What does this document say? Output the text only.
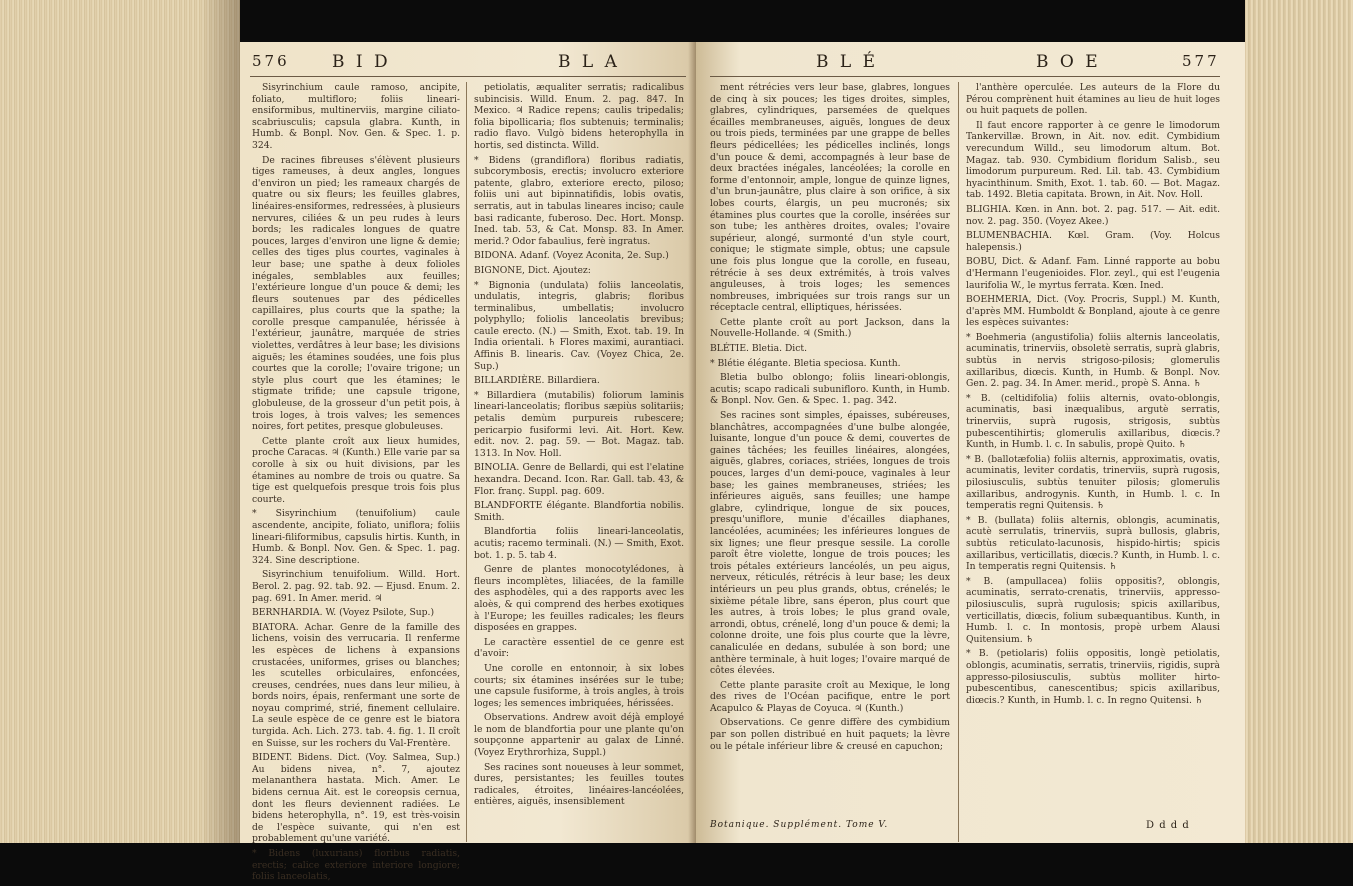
576 B I D	B L A

Sisyrinchium caule ramoso, ancipite, foliato, multifloro; foliis lineari-ensiformibus, multinerviis, margine ciliato-scabriusculis; capsula glabra. Kunth, in Humb. & Bonpl. Nov. Gen. & Spec. 1. p. 324.

De racines fibreuses s'élèvent plusieurs tiges rameuses, à deux angles, longues d'environ un pied; les rameaux chargés de quatre ou six fleurs; les feuilles glabres, linéaires-ensiformes, redressées, à plusieurs nervures, ciliées & un peu rudes à leurs bords; les radicales longues de quatre pouces, larges d'environ une ligne & demie; celles des tiges plus courtes, vaginales à leur base; une spathe à deux folioles inégales, semblables aux feuilles; l'extérieure longue d'un pouce & demi; les fleurs soutenues par des pédicelles capillaires, plus courts que la spathe; la corolle presque campanulée, hérissée à l'extérieur, jaunâtre, marquée de stries violettes, verdâtres à leur base; les divisions aiguës; les étamines soudées, une fois plus courtes que la corolle; l'ovaire trigone; un style plus court que les étamines; le stigmate trifide; une capsule trigone, globuleuse, de la grosseur d'un petit pois, à trois loges, à trois valves; les semences noires, fort petites, presque globuleuses.

Cette plante croît aux lieux humides, proche Caracas. ♃ (Kunth.) Elle varie par sa corolle à six ou huit divisions, par les étamines au nombre de trois ou quatre. Sa tige est quelquefois presque trois fois plus courte.

* Sisyrinchium (tenuifolium) caule ascendente, ancipite, foliato, uniflora; foliis lineari-filiformibus, capsulis hirtis. Kunth, in Humb. & Bonpl. Nov. Gen. & Spec. 1. pag. 324. Sine descriptione.

Sisyrinchium tenuifolium. Willd. Hort. Berol. 2. pag. 92. tab. 92. — Ejusd. Enum. 2. pag. 691. In Amer. merid. ♃

BERNHARDIA. W. (Voyez Psilote, Sup.)

BIATORA. Achar. Genre de la famille des lichens, voisin des verrucaria. Il renferme les espèces de lichens à expansions crustacées, uniformes, grises ou blanches; les scutelles orbiculaires, enfoncées, creuses, cendrées, nues dans leur milieu, à bords noirs, épais, renfermant une sorte de noyau comprimé, strié, finement cellulaire. La seule espèce de ce genre est le biatora turgida. Ach. Lich. 273. tab. 4. fig. 1. Il croît en Suisse, sur les rochers du Val-Frentère.

BIDENT. Bidens. Dict. (Voy. Salmea, Sup.) Au bidens nivea, n°. 7, ajoutez melananthera hastata. Mich. Amer. Le bidens cernua Ait. est le coreopsis cernua, dont les fleurs deviennent radiées. Le bidens heterophylla, n°. 19, est très-voisin de l'espèce suivante, qui n'en est probablement qu'une variété.

* Bidens (luxurians) floribus radiatis, erectis; calice exteriore interiore longiore; foliis lanceolatis,

petiolatis, æqualiter serratis; radicalibus subincisis. Willd. Enum. 2. pag. 847. In Mexico. ♃ Radice repens; caulis tripedalis; folia bipollicaria; flos subtenuis; terminalis; radio flavo. Vulgò bidens heterophylla in hortis, sed distincta. Willd.

* Bidens (grandiflora) floribus radiatis, subcorymbosis, erectis; involucro exteriore patente, glabro, exteriore erecto, piloso; foliis uni aut bipinnatifidis, lobis ovatis, serratis, aut in tabulas lineares inciso; caule basi radicante, fuberoso. Dec. Hort. Monsp. Ined. tab. 53, & Cat. Monsp. 83. In Amer. merid.? Odor fabaulius, ferè ingratus.

BIDONA. Adanf. (Voyez Aconita, 2e. Sup.)

BIGNONE, Dict. Ajoutez:

* Bignonia (undulata) foliis lanceolatis, undulatis, integris, glabris; floribus terminalibus, umbellatis; involucro polyphyllo; foliolis lanceolatis brevibus; caule erecto. (N.) — Smith, Exot. tab. 19. In India orientali. ♄ Flores maximi, aurantiaci. Affinis B. linearis. Cav. (Voyez Chica, 2e. Sup.)

BILLARDIÈRE. Billardiera.

* Billardiera (mutabilis) foliorum laminis lineari-lanceolatis; floribus sæpiùs solitariis; petalis demùm purpureis rubescere; pericarpio fusiformi levi. Ait. Hort. Kew. edit. nov. 2. pag. 59. — Bot. Magaz. tab. 1313. In Nov. Holl.

BINOLIA. Genre de Bellardi, qui est l'elatine hexandra. Decand. Icon. Rar. Gall. tab. 43, & Flor. franç. Suppl. pag. 609.

BLANDFORTE élégante. Blandfortia nobilis. Smith.

Blandfortia foliis lineari-lanceolatis, acutis; racemo terminali. (N.) — Smith, Exot. bot. 1. p. 5. tab 4.

Genre de plantes monocotylédones, à fleurs incomplètes, liliacées, de la famille des asphodèles, qui a des rapports avec les aloès, & qui comprend des herbes exotiques à l'Europe; les feuilles radicales; les fleurs disposées en grappes.

Le caractère essentiel de ce genre est d'avoir:

Une corolle en entonnoir, à six lobes courts; six étamines insérées sur le tube; une capsule fusiforme, à trois angles, à trois loges; les semences imbriquées, hérissées.

Observations. Andrew avoit déjà employé le nom de blandfortia pour une plante qu'on soupçonne appartenir au galax de Linné. (Voyez Erythrorhiza, Suppl.)

Ses racines sont noueuses à leur sommet, dures, persistantes; les feuilles toutes radicales, étroites, linéaires-lancéolées, entières, aiguës, insensiblement

B L É	B O E	577

ment rétrécies vers leur base, glabres, longues de cinq à six pouces; les tiges droites, simples, glabres, cylindriques, parsemées de quelques écailles membraneuses, aiguës, longues de deux ou trois pieds, terminées par une grappe de belles fleurs pédicellées; les pédicelles inclinés, longs d'un pouce & demi, accompagnés à leur base de deux bractées inégales, lancéolées; la corolle en forme d'entonnoir, ample, longue de quinze lignes, d'un brun-jaunâtre, plus claire à son orifice, à six lobes courts, élargis, un peu mucronés; six étamines plus courtes que la corolle, insérées sur son tube; les anthères droites, ovales; l'ovaire supérieur, alongé, surmonté d'un style court, conique; le stigmate simple, obtus; une capsule une fois plus longue que la corolle, en fuseau, rétrécie à ses deux extrémités, à trois valves anguleuses, à trois loges; les semences nombreuses, imbriquées sur trois rangs sur un réceptacle central, elliptiques, hérissées.

Cette plante croît au port Jackson, dans la Nouvelle-Hollande. ♃ (Smith.)

BLÉTIE. Bletia. Dict.

* Blétie élégante. Bletia speciosa. Kunth.

Bletia bulbo oblongo; foliis lineari-oblongis, acutis; scapo radicali subunifloro. Kunth, in Humb. & Bonpl. Nov. Gen. & Spec. 1. pag. 342.

Ses racines sont simples, épaisses, subéreuses, blanchâtres, accompagnées d'une bulbe alongée, luisante, longue d'un pouce & demi, couvertes de gaines tâchées; les feuilles linéaires, alongées, aiguës, glabres, coriaces, striées, longues de trois pouces, larges d'un demi-pouce, vaginales à leur base; les gaines membraneuses, striées; les inférieures aiguës, sans feuilles; une hampe glabre, cylindrique, longue de six pouces, presqu'uniflore, munie d'écailles diaphanes, lancéolées, acuminées; les inférieures longues de six lignes; une fleur presque sessile. La corolle paroît être violette, longue de trois pouces; les trois pétales extérieurs lancéolés, un peu aigus, nerveux, réticulés, rétrécis à leur base; les deux intérieurs un peu plus grands, obtus, crénelés; le sixième pétale libre, sans éperon, plus court que les autres, à trois lobes; le plus grand ovale, arrondi, obtus, crénelé, long d'un pouce & demi; la colonne droite, une fois plus courte que la lèvre, canaliculée en dedans, subulée à son bord; une anthère terminale, à huit loges; l'ovaire marqué de côtes élevées.

Cette plante parasite croît au Mexique, le long des rives de l'Océan pacifique, entre le port Acapulco & Playas de Coyuca. ♃ (Kunth.)

Observations. Ce genre diffère des cymbidium par son pollen distribué en huit paquets; la lèvre ou le pétale inférieur libre & creusé en capuchon;

l'anthère operculée. Les auteurs de la Flore du Pérou comprènent huit étamines au lieu de huit loges ou huit paquets de pollen.

Il faut encore rapporter à ce genre le limodorum Tankervillæ. Brown, in Ait. nov. edit. Cymbidium verecundum Willd., seu limodorum altum. Bot. Magaz. tab. 930. Cymbidium floridum Salisb., seu limodorum purpureum. Red. Lil. tab. 43. Cymbidium hyacinthinum. Smith, Exot. 1. tab. 60. — Bot. Magaz. tab. 1492. Bletia capitata. Brown, in Ait. Nov. Holl.

BLIGHIA. Kœn. in Ann. bot. 2. pag. 517. — Ait. edit. nov. 2. pag. 350. (Voyez Akee.)

BLUMENBACHIA. Kœl. Gram. (Voy. Holcus halepensis.)

BOBU, Dict. & Adanf. Fam. Linné rapporte au bobu d'Hermann l'eugenioides. Flor. zeyl., qui est l'eugenia laurifolia W., le myrtus ferrata. Kœn. Ined.

BOEHMERIA, Dict. (Voy. Procris, Suppl.) M. Kunth, d'après MM. Humboldt & Bonpland, ajoute à ce genre les espèces suivantes:

* Boehmeria (angustifolia) foliis alternis lanceolatis, acuminatis, trinerviis, obsoletè serratis, suprà glabris, subtùs in nervis strigoso-pilosis; glomerulis axillaribus, diœcis. Kunth, in Humb. & Bonpl. Nov. Gen. 2. pag. 34. In Amer. merid., propè S. Anna. ♄

* B. (celtidifolia) foliis alternis, ovato-oblongis, acuminatis, basi inæqualibus, argutè serratis, trinerviis, suprà rugosis, strigosis, subtùs pubescentihirtis; glomerulis axillaribus, diœcis.? Kunth, in Humb. l. c. In sabulis, propè Quito. ♄

* B. (ballotæfolia) foliis alternis, approximatis, ovatis, acuminatis, leviter cordatis, trinerviis, suprà rugosis, pilosiusculis, subtùs tenuiter pilosis; glomerulis axillaribus, androgynis. Kunth, in Humb. l. c. In temperatis regni Quitensis. ♄

* B. (bullata) foliis alternis, oblongis, acuminatis, acutè serrulatis, trinerviis, suprà bullosis, glabris, subtùs reticulato-lacunosis, hispido-hirtis; spicis axillaribus, verticillatis, diœcis.? Kunth, in Humb. l. c. In temperatis regni Quitensis. ♄

* B. (ampullacea) foliis oppositis?, oblongis, acuminatis, serrato-crenatis, trinerviis, appresso-pilosiusculis, suprà rugulosis; spicis axillaribus, verticillatis, diœcis, folium subæquantibus. Kunth, in Humb. l. c. In montosis, propè urbem Alausi Quitensium. ♄

* B. (petiolaris) foliis oppositis, longè petiolatis, oblongis, acuminatis, serratis, trinerviis, rigidis, suprà appresso-pilosiusculis, subtùs molliter hirto-pubescentibus, canescentibus; spicis axillaribus, diœcis.? Kunth, in Humb. l. c. In regno Quitensi. ♄

Botanique. Supplément. Tome V.	D d d d
